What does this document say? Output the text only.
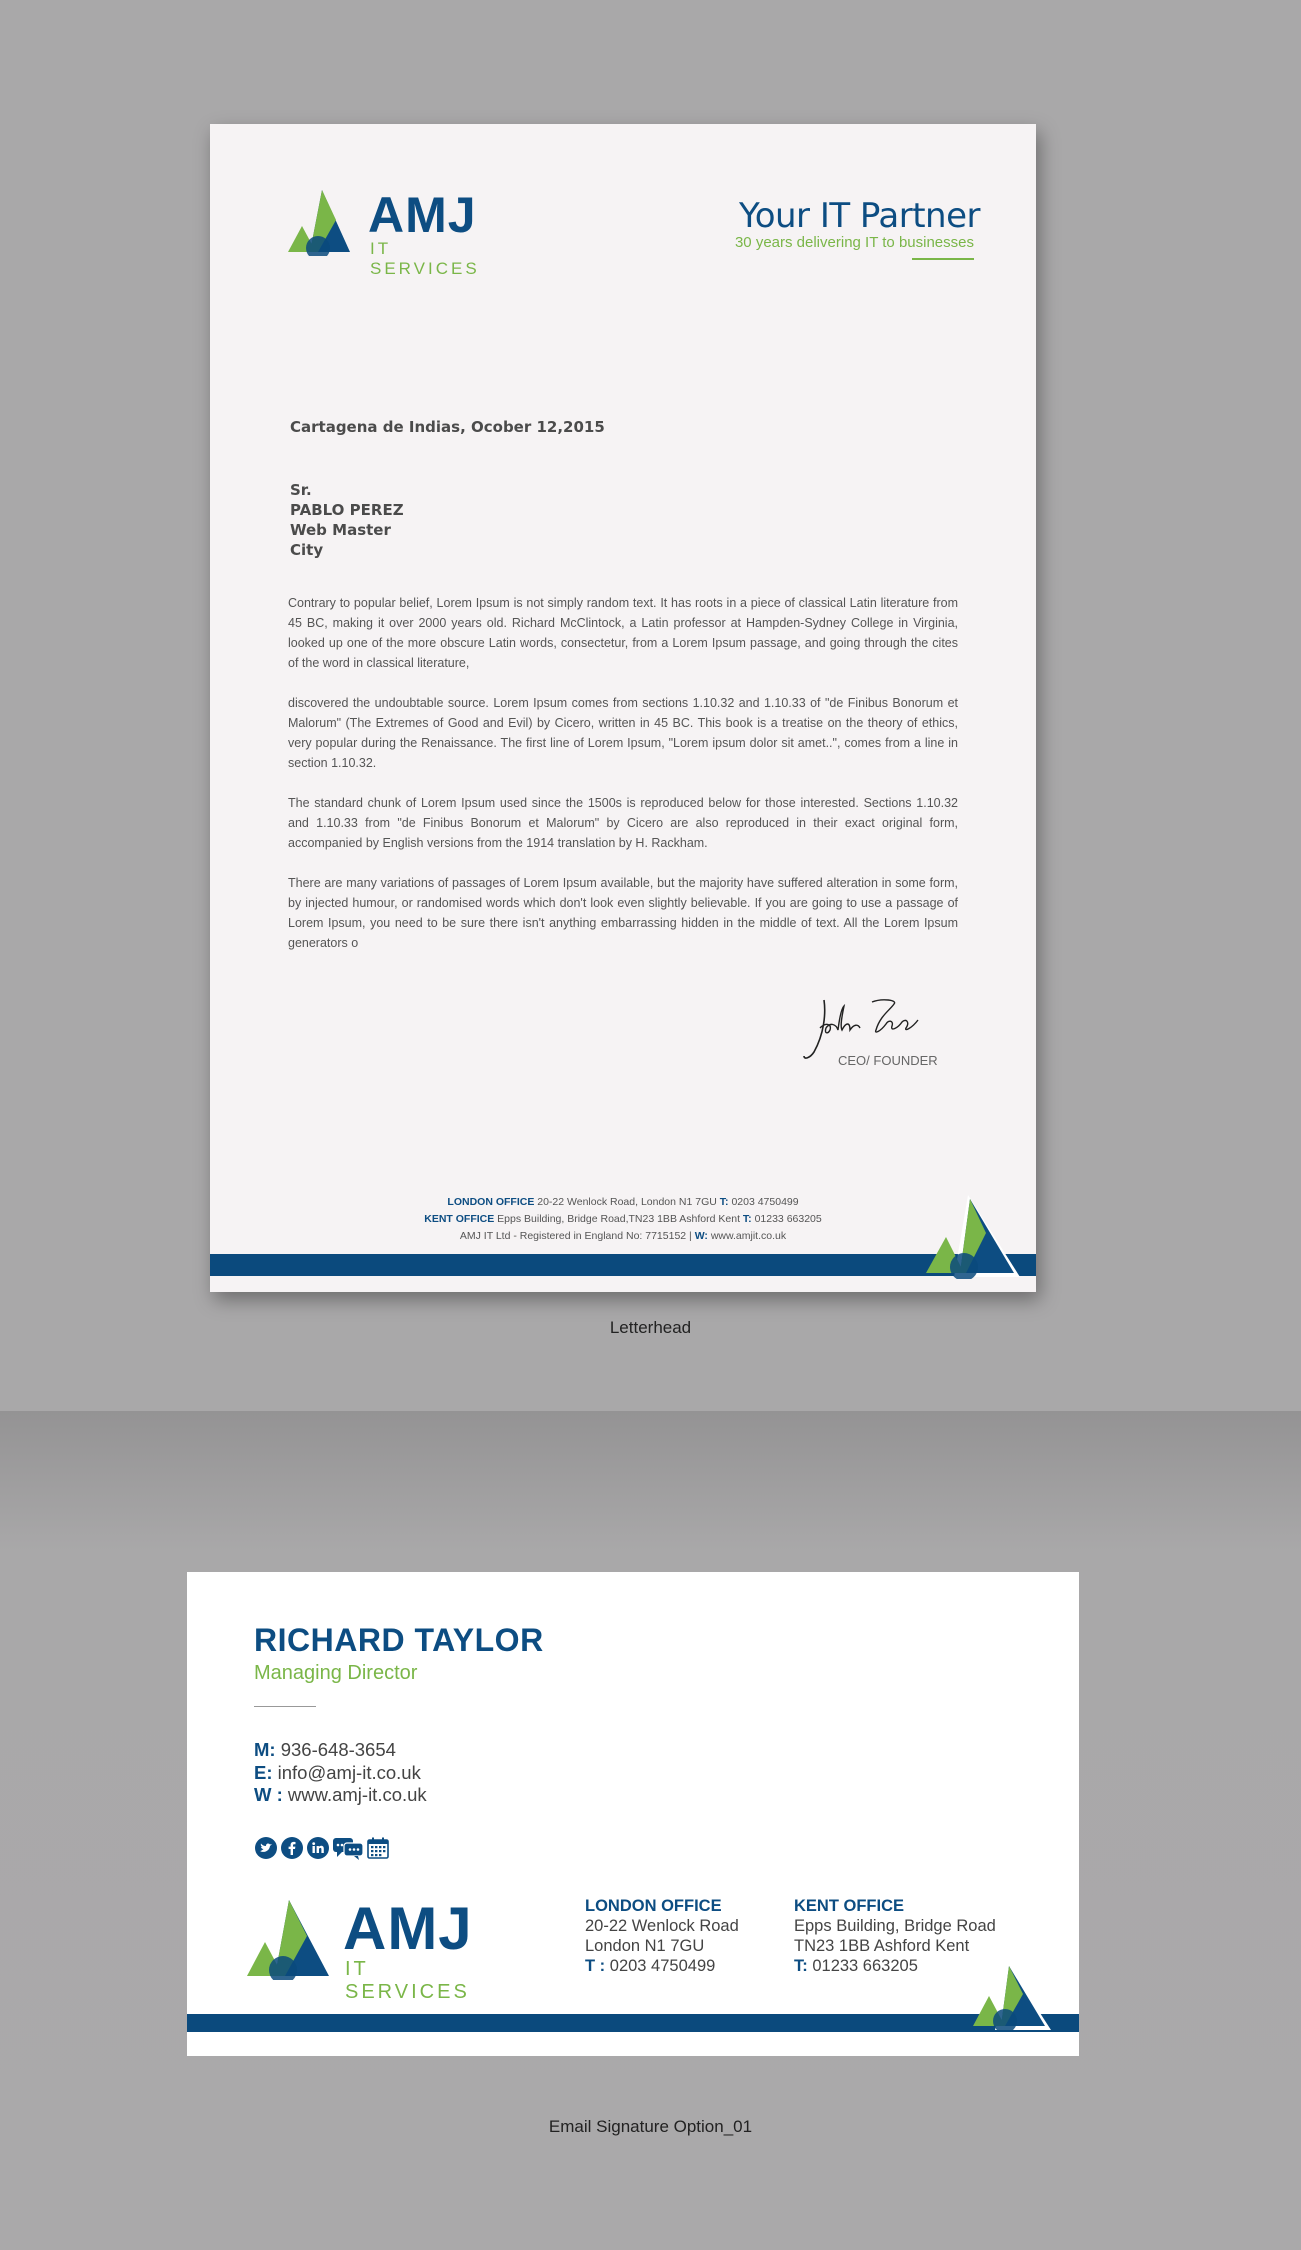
AMJ
IT SERVICES
Your IT Partner
30 years delivering IT to businesses
Cartagena de Indias, Ocober 12,2015
Sr.
PABLO PEREZ
Web Master
City

Contrary to popular belief, Lorem Ipsum is not simply random text. It has roots in a piece of classical Latin literature from 45 BC, making it over 2000 years old. Richard McClintock, a Latin professor at Hampden-Sydney College in Virginia, looked up one of the more obscure Latin words, consectetur, from a Lorem Ipsum passage, and going through the cites of the word in classical literature,

discovered the undoubtable source. Lorem Ipsum comes from sections 1.10.32 and 1.10.33 of "de Finibus Bonorum et Malorum" (The Extremes of Good and Evil) by Cicero, written in 45 BC. This book is a treatise on the theory of ethics, very popular during the Renaissance. The first line of Lorem Ipsum, "Lorem ipsum dolor sit amet..", comes from a line in section 1.10.32.

The standard chunk of Lorem Ipsum used since the 1500s is reproduced below for those interested. Sections 1.10.32 and 1.10.33 from "de Finibus Bonorum et Malorum" by Cicero are also reproduced in their exact original form, accompanied by English versions from the 1914 translation by H. Rackham.

There are many variations of passages of Lorem Ipsum available, but the majority have suffered alteration in some form, by injected humour, or randomised words which don't look even slightly believable. If you are going to use a passage of Lorem Ipsum, you need to be sure there isn't anything embarrassing hidden in the middle of text. All the Lorem Ipsum generators o

CEO/ FOUNDER
LONDON OFFICE 20-22 Wenlock Road, London N1 7GU T: 0203 4750499
KENT OFFICE Epps Building, Bridge Road,TN23 1BB Ashford Kent T: 01233 663205
AMJ IT Ltd - Registered in England No: 7715152 | W: www.amjit.co.uk
Letterhead
RICHARD TAYLOR
Managing Director
M: 936-648-3654
E: info@amj-it.co.uk
W : www.amj-it.co.uk
AMJ
IT SERVICES
LONDON OFFICE
20-22 Wenlock Road
London N1 7GU
T : 0203 4750499
KENT OFFICE
Epps Building, Bridge Road
TN23 1BB Ashford Kent
T: 01233 663205
Email Signature Option_01
